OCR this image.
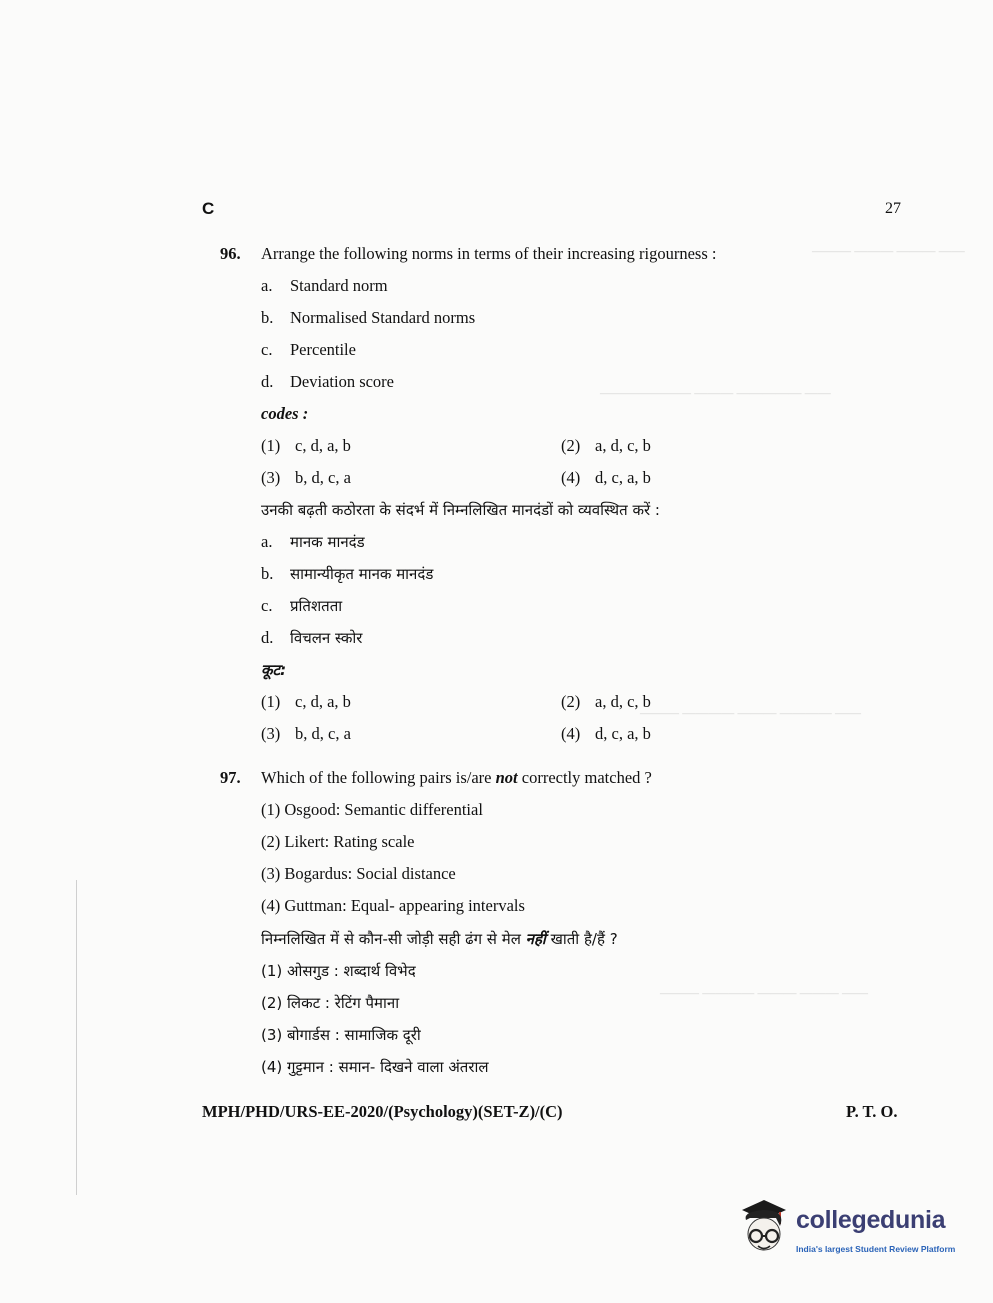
——— ——— ——— ——
——————— ——— ————— ——
——— ———— ——— ———— ——
——— ———— ——— ——— ——
C	27
96. Arrange the following norms in terms of their increasing rigourness :
a. Standard norm
b. Normalised Standard norms
c. Percentile
d. Deviation score
codes :
(1) c, d, a, b	(2) a, d, c, b
(3) b, d, c, a	(4) d, c, a, b
उनकी बढ़ती कठोरता के संदर्भ में निम्नलिखित मानदंडों को व्यवस्थित करें :
a. मानक मानदंड
b. सामान्यीकृत मानक मानदंड
c. प्रतिशतता
d. विचलन स्कोर
कूट:
(1) c, d, a, b	(2) a, d, c, b
(3) b, d, c, a	(4) d, c, a, b
97. Which of the following pairs is/are not correctly matched ?
(1) Osgood: Semantic differential
(2) Likert: Rating scale
(3) Bogardus: Social distance
(4) Guttman: Equal- appearing intervals
निम्नलिखित में से कौन-सी जोड़ी सही ढंग से मेल नहीं खाती है/हैं ?
(1) ओसगुड : शब्दार्थ विभेद
(2) लिकट : रेटिंग पैमाना
(3) बोगार्डस : सामाजिक दूरी
(4) गुट्टमान : समान- दिखने वाला अंतराल
MPH/PHD/URS-EE-2020/(Psychology)(SET-Z)/(C)	P. T. O.
collegedunia
India's largest Student Review Platform
